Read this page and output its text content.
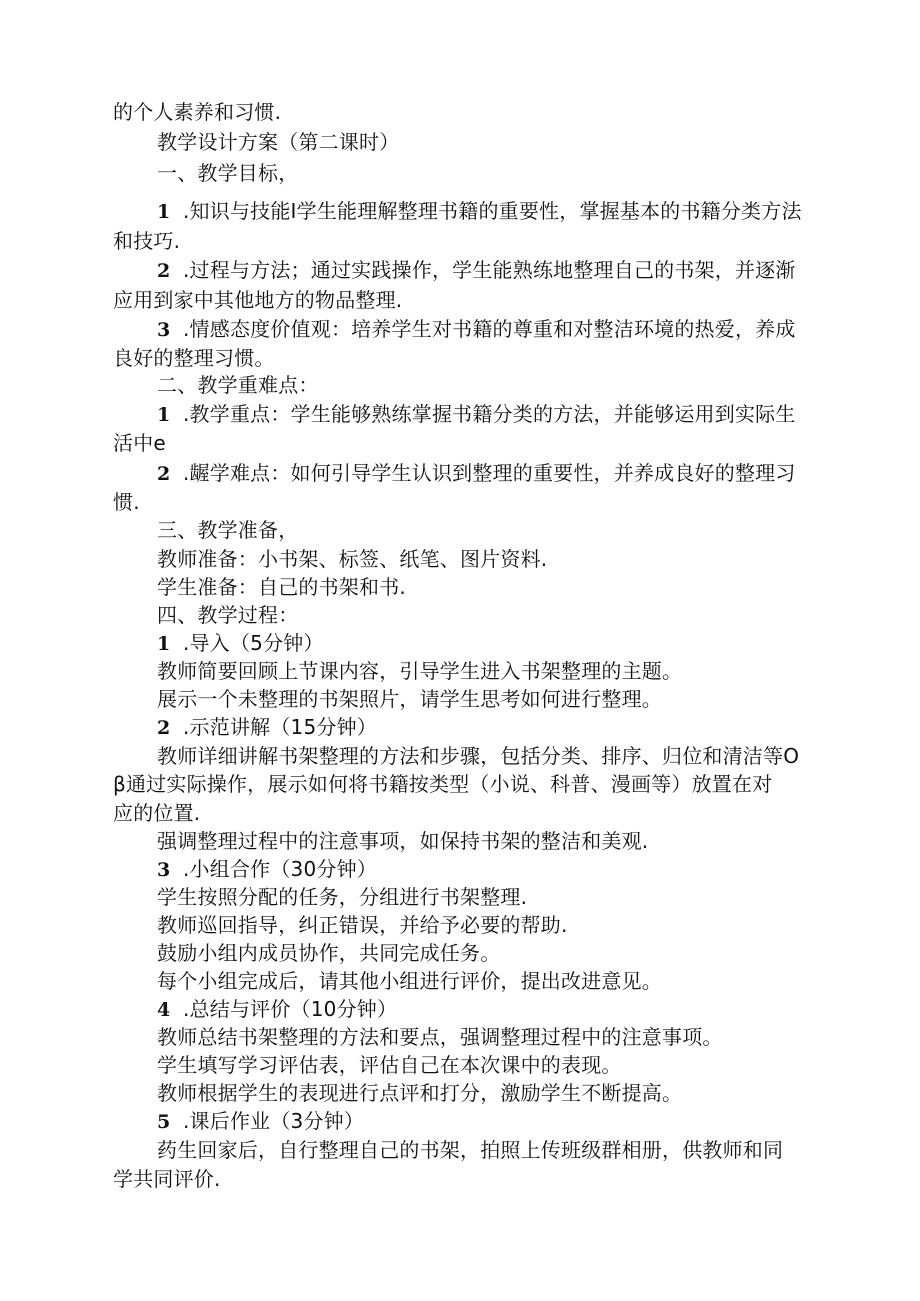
的个人素养和习惯.
教学设计方案（第二课时）
一、教学目标，
1 .知识与技能I学生能理解整理书籍的重要性，掌握基本的书籍分类方法
和技巧.
2 .过程与方法；通过实践操作，学生能熟练地整理自己的书架，并逐渐
应用到家中其他地方的物品整理.
3 .情感态度价值观：培养学生对书籍的尊重和对整洁环境的热爱，养成
良好的整理习惯。
二、教学重难点：
1 .教学重点：学生能够熟练掌握书籍分类的方法，并能够运用到实际生
活中e
2 .龌学难点：如何引导学生认识到整理的重要性，并养成良好的整理习
惯.
三、教学准备，
教师准备：小书架、标签、纸笔、图片资料.
学生准备：自己的书架和书.
四、教学过程：
1 .导入（5分钟）
教师简要回顾上节课内容，引导学生进入书架整理的主题。
展示一个未整理的书架照片，请学生思考如何进行整理。
2 .示范讲解（15分钟）
教师详细讲解书架整理的方法和步骤，包括分类、排序、归位和清洁等O
β通过实际操作，展示如何将书籍按类型（小说、科普、漫画等）放置在对
应的位置.
强调整理过程中的注意事项，如保持书架的整洁和美观.
3 .小组合作（30分钟）
学生按照分配的任务，分组进行书架整理.
教师巡回指导，纠正错误，并给予必要的帮助.
鼓励小组内成员协作，共同完成任务。
每个小组完成后，请其他小组进行评价，提出改进意见。
4 .总结与评价（10分钟）
教师总结书架整理的方法和要点，强调整理过程中的注意事项。
学生填写学习评估表，评估自己在本次课中的表现。
教师根据学生的表现进行点评和打分，激励学生不断提高。
5 .课后作业（3分钟）
药生回家后，自行整理自己的书架，拍照上传班级群相册，供教师和同
学共同评价.
